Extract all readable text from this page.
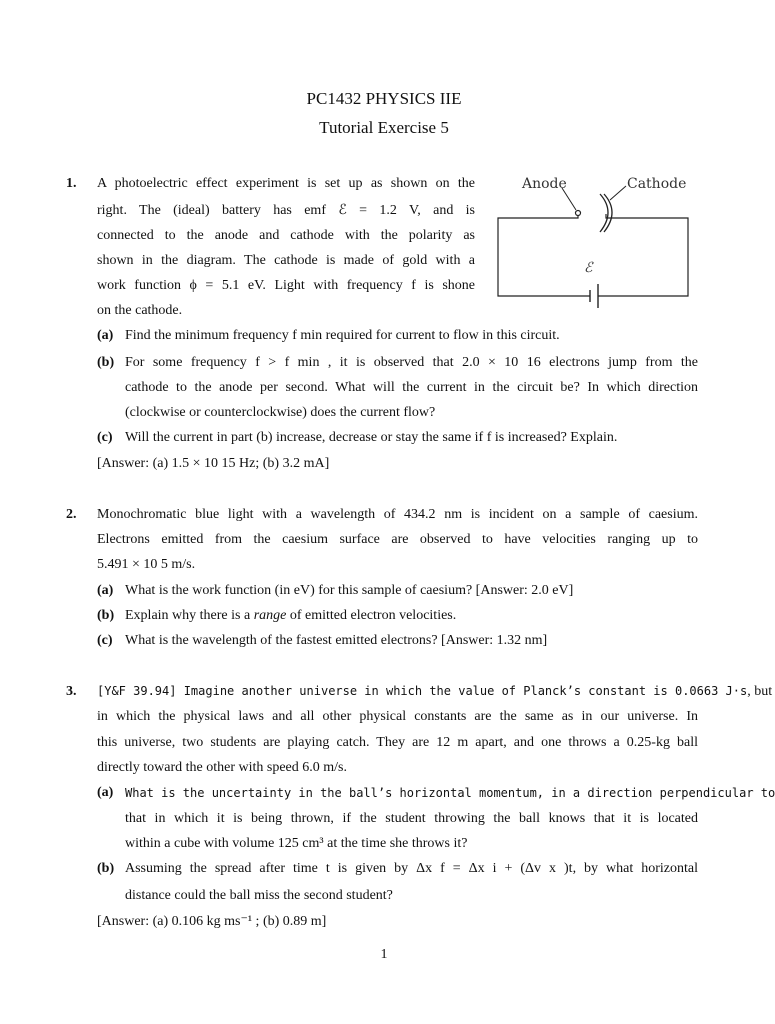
PC1432 PHYSICS IIE

Tutorial Exercise 5

1. A photoelectric effect experiment is set up as shown on the

right. The (ideal) battery has emf ℰ = 1.2 V, and is

connected to the anode and cathode with the polarity as

shown in the diagram. The cathode is made of gold with a

work function ϕ = 5.1 eV. Light with frequency f is shone

on the cathode.

Anode	Cathode
ℰ

(a) Find the minimum frequency f min required for current to flow in this circuit.

(b) For some frequency f > f min , it is observed that 2.0 × 10 16 electrons jump from the

cathode to the anode per second. What will the current in the circuit be? In which direction

(clockwise or counterclockwise) does the current flow?

(c) Will the current in part (b) increase, decrease or stay the same if f is increased? Explain.

[Answer: (a) 1.5 × 10 15 Hz; (b) 3.2 mA]

2. Monochromatic blue light with a wavelength of 434.2 nm is incident on a sample of caesium.

Electrons emitted from the caesium surface are observed to have velocities ranging up to

5.491 × 10 5 m/s.

(a) What is the work function (in eV) for this sample of caesium? [Answer: 2.0 eV]

(b) Explain why there is a range of emitted electron velocities.

(c) What is the wavelength of the fastest emitted electrons? [Answer: 1.32 nm]

3. [Y&F 39.94] Imagine another universe in which the value of Planck’s constant is 0.0663 J·s, but

in which the physical laws and all other physical constants are the same as in our universe. In

this universe, two students are playing catch. They are 12 m apart, and one throws a 0.25-kg ball

directly toward the other with speed 6.0 m/s.

(a) What is the uncertainty in the ball’s horizontal momentum, in a direction perpendicular to

that in which it is being thrown, if the student throwing the ball knows that it is located

within a cube with volume 125 cm³ at the time she throws it?

(b) Assuming the spread after time t is given by Δx f = Δx i + (Δv x )t, by what horizontal

distance could the ball miss the second student?

[Answer: (a) 0.106 kg ms⁻¹ ; (b) 0.89 m]

1
